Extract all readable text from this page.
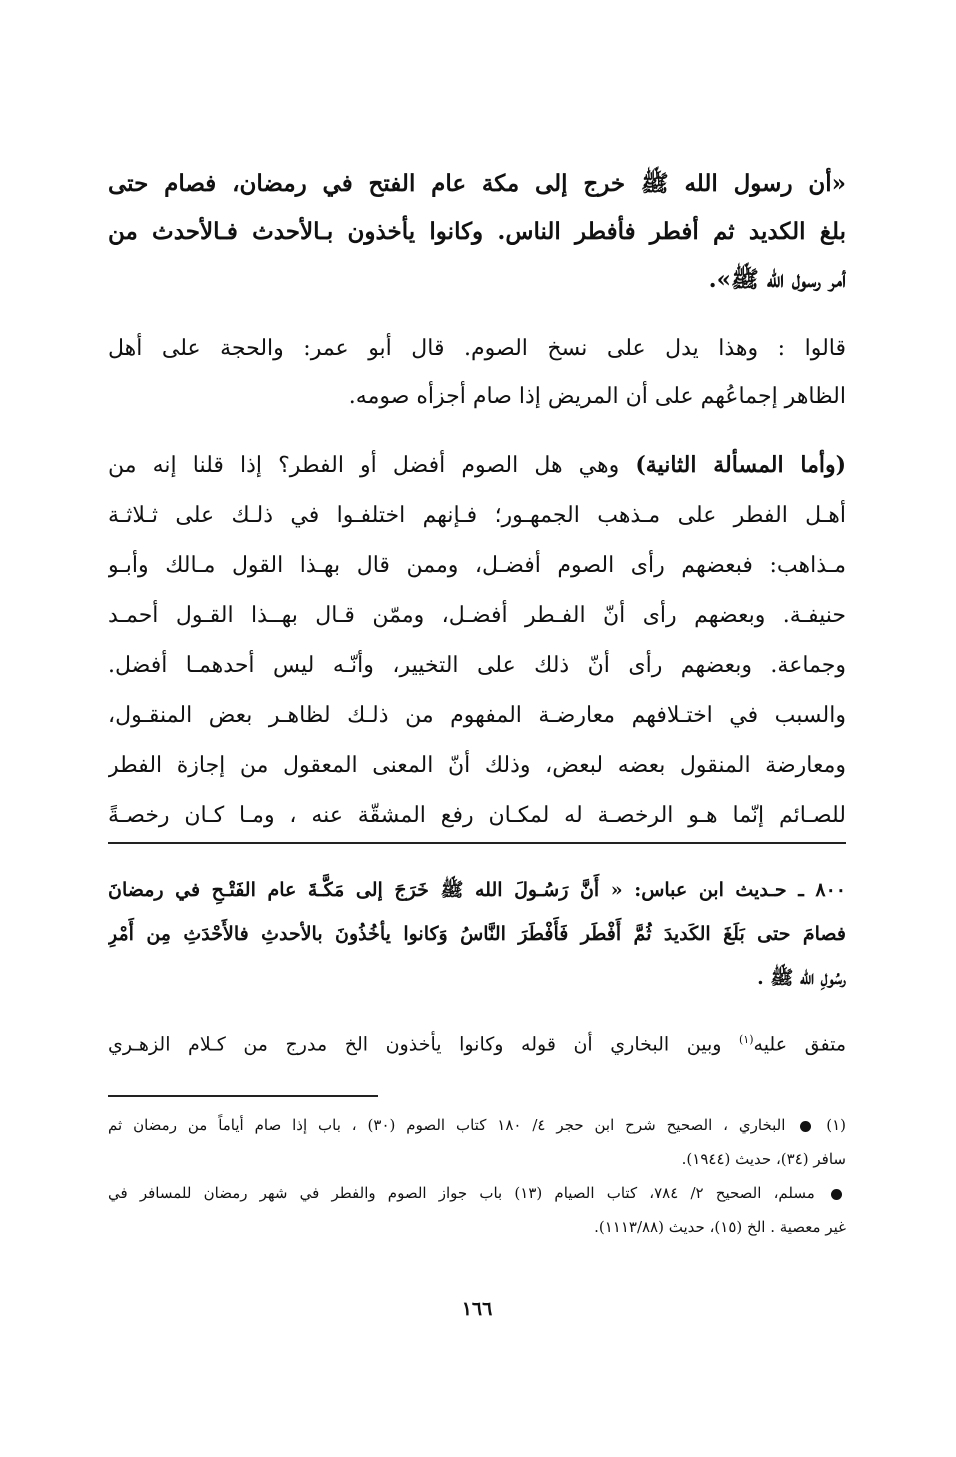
«أن رسول الله ﷺ خرج إلى مكة عام الفتح في رمضان، فصام حتى
بلغ الكديد ثم أفطر فأفطر الناس. وكانوا يأخذون بـالأحدث فـالأحدث من
أمر رسول الله ﷺ».
قالوا : وهذا يدل على نسخ الصوم. قال أبو عمر: والحجة على أهل
الظاهر إجماعُهم على أن المريض إذا صام أجزأه صومه.
(وأما المسألة الثانية) وهي هل الصوم أفضل أو الفطر؟ إذا قلنا إنه من
أهـل الفطر على مـذهب الجمهـور؛ فـإنهم اختلفـوا في ذلـك على ثـلاثـة
مـذاهب: فبعضهم رأى الصوم أفضـل، وممن قال بهـذا القول مـالك وأبـو
حنيفـة. وبعضهم رأى أنّ الفـطر أفضـل، وممّن قـال بهــذا القـول أحمـد
وجماعة. وبعضهم رأى أنّ ذلك على التخيير، وأنّـه ليس أحدهمـا أفضل.
والسبب في اختـلافهم معارضـة المفهوم من ذلـك لظاهـر بعض المنقـول،
ومعارضة المنقول بعضه لبعض، وذلك أنّ المعنى المعقول من إجازة الفطر
للصـائم إنّما هـو الرخصـة له لمكـان رفع المشقّة عنه ، ومـا كـان رخصـةً
٨٠٠ ـ حـديث ابن عباس: « أَنَّ رَسُـولَ الله ﷺ خَرَجَ إلى مَكَّـةَ عام الفَتْـحِ في رمضانَ
فصامَ حتى بَلَغَ الكَديدَ ثُمَّ أَفْطَر فَأَفْطَرَ النَّاسُ وَكانوا يأخُذُونَ بالأحدثِ فالأَحْدَثِ مِن أَمْرِ
رسُولِ الله ﷺ .
متفق عليه$^{(١)}$ وبين البخاري أن قوله وكانوا يأخذون الخ مدرج من كـلام الزهـري
(١)  البخاري ، الصحيح شرح ابن حجر ٤/ ١٨٠ كتاب الصوم (٣٠) ، باب إذا صام أياماً من رمضان ثم
سافر (٣٤)، حديث (١٩٤٤).
مسلم، الصحيح ٢/ ٧٨٤، كتاب الصيام (١٣) باب جواز الصوم والفطر في شهر رمضان للمسافر في
غير معصية . الخ (١٥)، حديث (١١١٣/٨٨).
١٦٦
